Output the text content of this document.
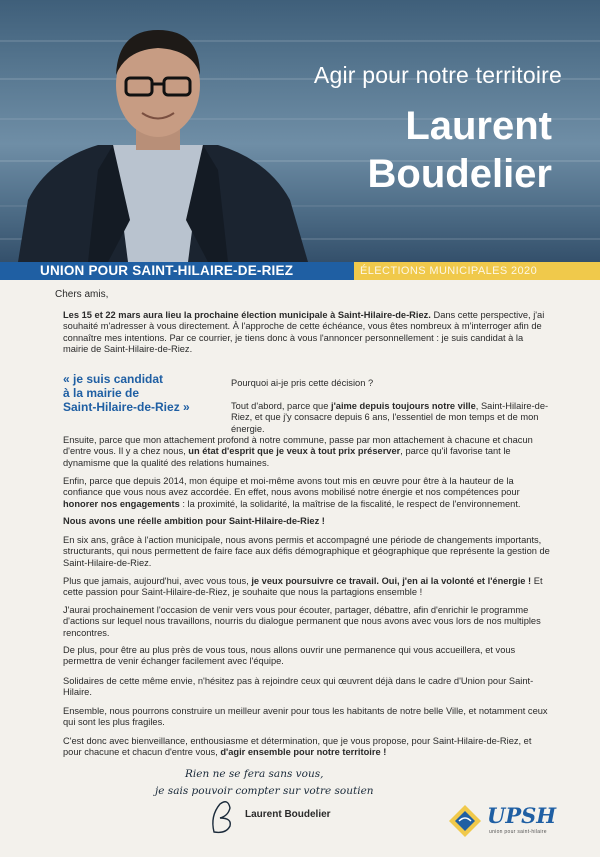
Agir pour notre territoire
Laurent
Boudelier
UNION POUR SAINT-HILAIRE-DE-RIEZ	ÉLECTIONS MUNICIPALES 2020
Chers amis,

Les 15 et 22 mars aura lieu la prochaine élection municipale à Saint-Hilaire-de-Riez. Dans cette perspective, j'ai souhaité m'adresser à vous directement. À l'approche de cette échéance, vous êtes nombreux à m'interroger afin de connaître mes intentions. Par ce courrier, je tiens donc à vous l'annoncer personnellement : je suis candidat à la mairie de Saint-Hilaire-de-Riez.

« je suis candidat
à la mairie de
Saint-Hilaire-de-Riez »

Pourquoi ai-je pris cette décision ?

Tout d'abord, parce que j'aime depuis toujours notre ville, Saint-Hilaire-de-Riez, et que j'y consacre depuis 6 ans, l'essentiel de mon temps et de mon énergie.

Ensuite, parce que mon attachement profond à notre commune, passe par mon attachement à chacune et chacun d'entre vous. Il y a chez nous, un état d'esprit que je veux à tout prix préserver, parce qu'il favorise tant le dynamisme que la qualité des relations humaines.

Enfin, parce que depuis 2014, mon équipe et moi-même avons tout mis en œuvre pour être à la hauteur de la confiance que vous nous avez accordée. En effet, nous avons mobilisé notre énergie et nos compétences pour honorer nos engagements : la proximité, la solidarité, la maîtrise de la fiscalité, le respect de l'environnement.

Nous avons une réelle ambition pour Saint-Hilaire-de-Riez !

En six ans, grâce à l'action municipale, nous avons permis et accompagné une période de changements importants, structurants, qui nous permettent de faire face aux défis démographique et géographique que représente la gestion de Saint-Hilaire-de-Riez.

Plus que jamais, aujourd'hui, avec vous tous, je veux poursuivre ce travail. Oui, j'en ai la volonté et l'énergie ! Et cette passion pour Saint-Hilaire-de-Riez, je souhaite que nous la partagions ensemble !

J'aurai prochainement l'occasion de venir vers vous pour écouter, partager, débattre, afin d'enrichir le programme d'actions sur lequel nous travaillons, nourris du dialogue permanent que nous avons avec vous lors de nos multiples rencontres.

De plus, pour être au plus près de vous tous, nous allons ouvrir une permanence qui vous accueillera, et vous permettra de venir échanger facilement avec l'équipe.

Solidaires de cette même envie, n'hésitez pas à rejoindre ceux qui œuvrent déjà dans le cadre d'Union pour Saint-Hilaire.

Ensemble, nous pourrons construire un meilleur avenir pour tous les habitants de notre belle Ville, et notamment ceux qui sont les plus fragiles.

C'est donc avec bienveillance, enthousiasme et détermination, que je vous propose, pour Saint-Hilaire-de-Riez, et pour chacune et chacun d'entre vous, d'agir ensemble pour notre territoire !

Rien ne se fera sans vous,
je sais pouvoir compter sur votre soutien
Laurent Boudelier	UPSH
union pour saint-hilaire
